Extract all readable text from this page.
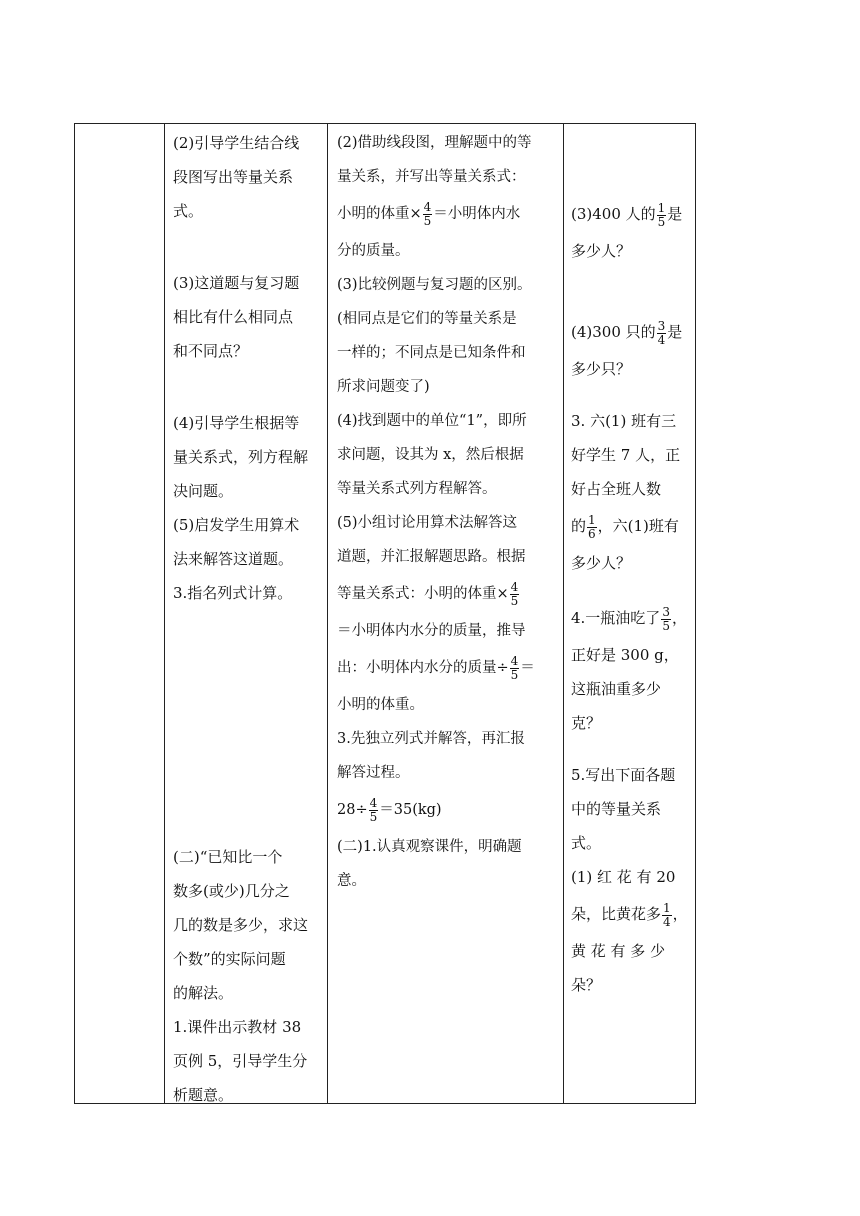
(2)引导学生结合线
段图写出等量关系
式。
(3)这道题与复习题
相比有什么相同点
和不同点？
(4)引导学生根据等
量关系式，列方程解
决问题。
(5)启发学生用算术
法来解答这道题。
3.指名列式计算。
(二)“已知比一个
数多(或少)几分之
几的数是多少，求这
个数”的实际问题
的解法。
1.课件出示教材 38
页例 5，引导学生分
析题意。
(2)借助线段图，理解题中的等
量关系，并写出等量关系式：
小明的体重× $\frac{4}{5}$ ＝小明体内水
分的质量。
(3)比较例题与复习题的区别。
(相同点是它们的等量关系是
一样的；不同点是已知条件和
所求问题变了)
(4)找到题中的单位“1”，即所
求问题，设其为 x，然后根据
等量关系式列方程解答。
(5)小组讨论用算术法解答这
道题，并汇报解题思路。根据
等量关系式：小明的体重× $\frac{4}{5}$
＝小明体内水分的质量，推导
出：小明体内水分的质量÷ $\frac{4}{5}$ ＝
小明的体重。
3.先独立列式并解答，再汇报
解答过程。
$28\div \frac{4}{5} =35(kg)$
(二)1.认真观察课件，明确题
意。
(3)400 人的 $\frac{1}{5}$ 是
多少人？
(4)300 只的 $\frac{3}{4}$ 是
多少只？
3. 六(1) 班有三
好学生 7 人，正
好占全班人数
的 $\frac{1}{6}$ ，六(1)班有
多少人？
4.一瓶油吃了 $\frac{3}{5}$ ，
正好是 300 g，
这瓶油重多少
克？
5.写出下面各题
中的等量关系
式。
(1) 红 花 有 20
朵，比黄花多 $\frac{1}{4}$ ，
黄 花 有 多 少
朵？
